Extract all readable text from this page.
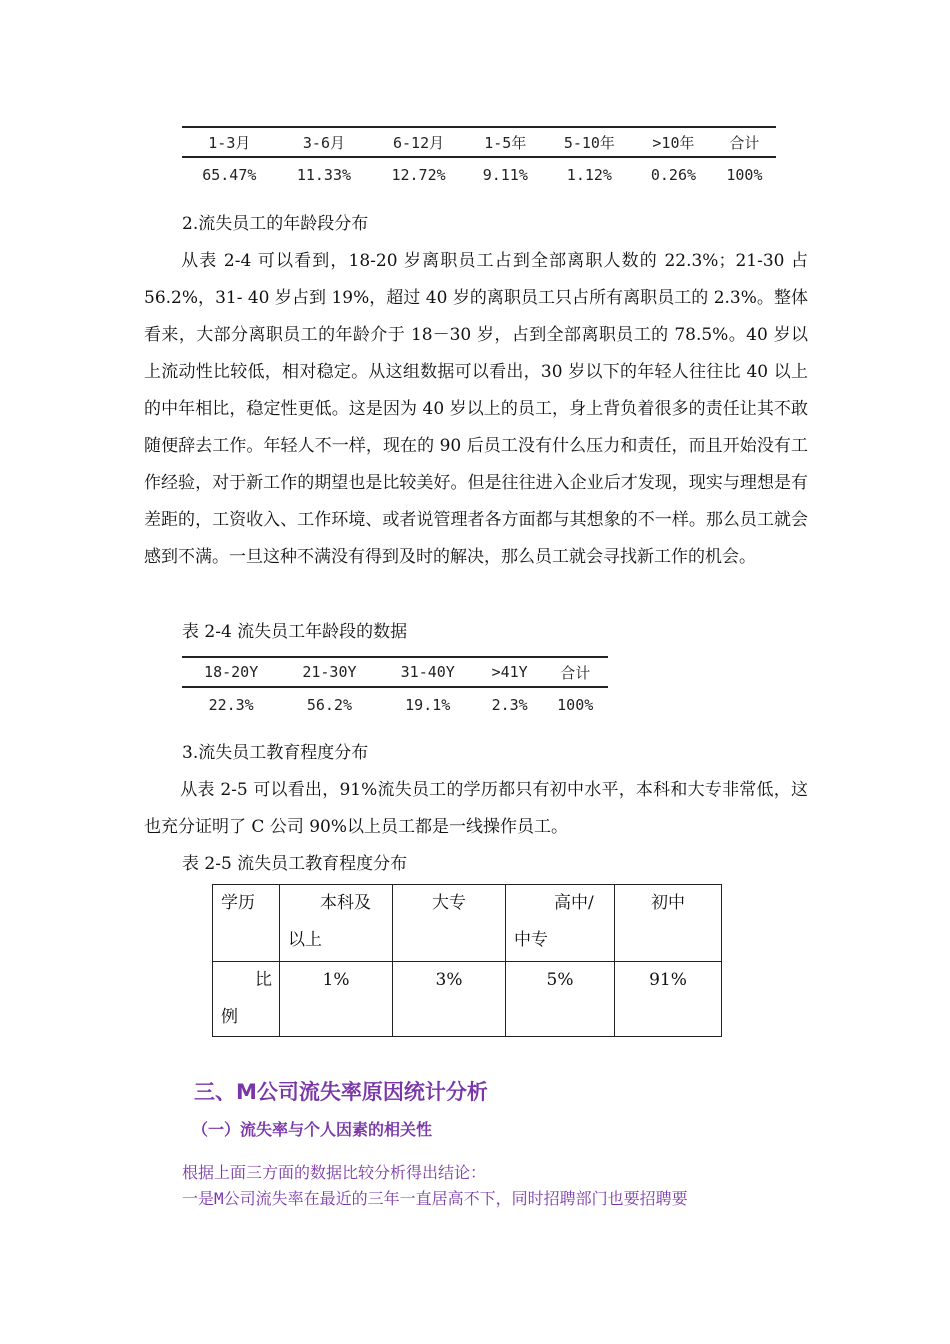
1-3月	3-6月	6-12月	1-5年	5-10年	>10年	合计
65.47%	11.33%	12.72%	9.11%	1.12%	0.26%	100%

2.流失员工的年龄段分布

从表 2-4 可以看到，18-20 岁离职员工占到全部离职人数的 22.3%；21-30 占 56.2%，31- 40 岁占到 19%，超过 40 岁的离职员工只占所有离职员工的 2.3%。整体看来，大部分离职员工的年龄介于 18－30 岁，占到全部离职员工的 78.5%。40 岁以上流动性比较低，相对稳定。从这组数据可以看出，30 岁以下的年轻人往往比 40 以上的中年相比，稳定性更低。这是因为 40 岁以上的员工，身上背负着很多的责任让其不敢随便辞去工作。年轻人不一样，现在的 90 后员工没有什么压力和责任，而且开始没有工作经验，对于新工作的期望也是比较美好。但是往往进入企业后才发现，现实与理想是有差距的，工资收入、工作环境、或者说管理者各方面都与其想象的不一样。那么员工就会感到不满。一旦这种不满没有得到及时的解决，那么员工就会寻找新工作的机会。

表 2-4 流失员工年龄段的数据

18-20Y	21-30Y	31-40Y	>41Y	合计
22.3%	56.2%	19.1%	2.3%	100%

3.流失员工教育程度分布

从表 2-5 可以看出，91%流失员工的学历都只有初中水平，本科和大专非常低，这也充分证明了 C 公司 90%以上员工都是一线操作员工。

表 2-5 流失员工教育程度分布

学历	本科及以上	大专	高中/中专	初中

比例	1%	3%	5%	91%

三、M公司流失率原因统计分析

（一）流失率与个人因素的相关性

根据上面三方面的数据比较分析得出结论：

一是M公司流失率在最近的三年一直居高不下，同时招聘部门也要招聘要
